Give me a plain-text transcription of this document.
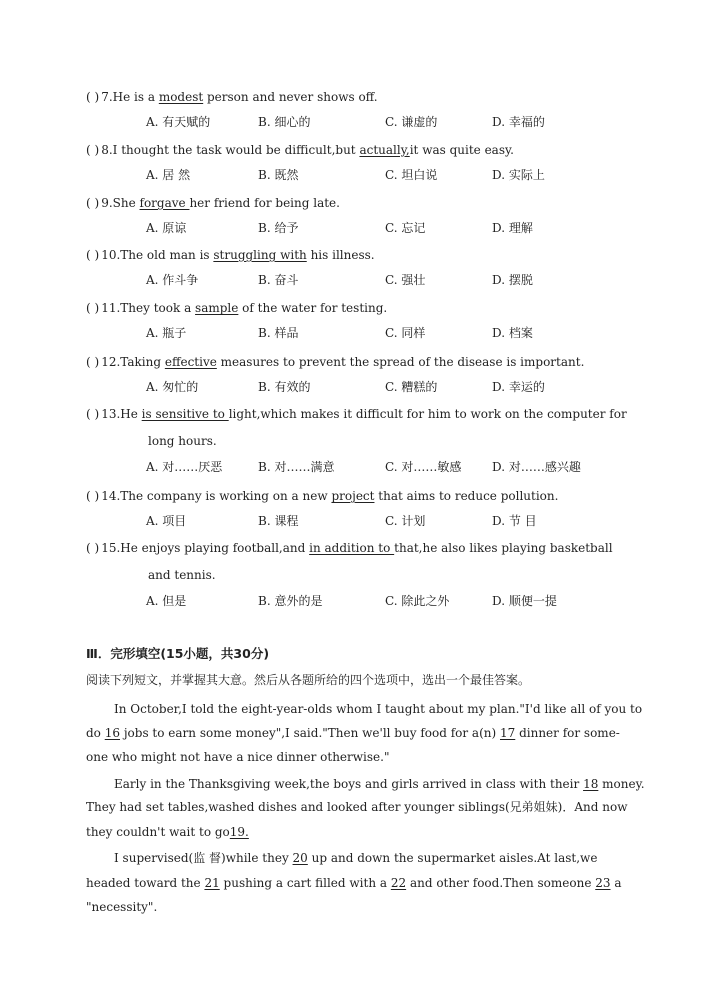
( ) 7.He is a modest person and never shows off.
A. 有天赋的	B. 细心的	C. 谦虚的	D. 幸福的
( ) 8.I thought the task would be difficult,but actually,it was quite easy.
A. 居 然	B. 既然	C. 坦白说	D. 实际上
( ) 9.She forgave her friend for being late.
A. 原谅	B. 给予	C. 忘记	D. 理解
( ) 10.The old man is struggling with his illness.
A. 作斗争	B. 奋斗	C. 强壮	D. 摆脱
( ) 11.They took a sample of the water for testing.
A. 瓶子	B. 样品	C. 同样	D. 档案
( ) 12.Taking effective measures to prevent the spread of the disease is important.
A. 匆忙的	B. 有效的	C. 糟糕的	D. 幸运的
( ) 13.He is sensitive to light,which makes it difficult for him to work on the computer for
long hours.
A. 对……厌恶	B. 对……满意	C. 对……敏感	D. 对……感兴趣
( ) 14.The company is working on a new project that aims to reduce pollution.
A. 项目	B. 课程	C. 计划	D. 节 目
( ) 15.He enjoys playing football,and in addition to that,he also likes playing basketball
and tennis.
A. 但是	B. 意外的是	C. 除此之外	D. 顺便一提
Ⅲ．完形填空(15小题，共30分)
阅读下列短文，并掌握其大意。然后从各题所给的四个选项中，选出一个最佳答案。
In October,I told the eight-year-olds whom I taught about my plan."I'd like all of you to
do 16 jobs to earn some money",I said."Then we'll buy food for a(n) 17 dinner for some-
one who might not have a nice dinner otherwise."
Early in the Thanksgiving week,the boys and girls arrived in class with their 18 money.
They had set tables,washed dishes and looked after younger siblings(兄弟姐妹)．And now
they couldn't wait to go19.
I supervised(监 督)while they 20 up and down the supermarket aisles.At last,we
headed toward the 21 pushing a cart filled with a 22 and other food.Then someone 23 a
"necessity".
